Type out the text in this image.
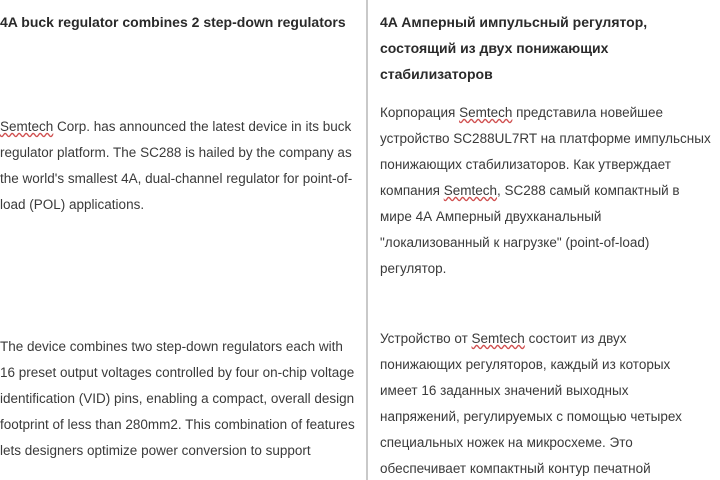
4A buck regulator combines 2 step-down regulators
Semtech Corp. has announced the latest device in its buck regulator platform. The SC288 is hailed by the company as the world's smallest 4A, dual-channel regulator for point-of-load (POL) applications.
The device combines two step-down regulators each with 16 preset output voltages controlled by four on-chip voltage identification (VID) pins, enabling a compact, overall design footprint of less than 280mm2. This combination of features lets designers optimize power conversion to support
4A Амперный импульсный регулятор, состоящий из двух понижающих стабилизаторов
Корпорация Semtech представила новейшее устройство SC288UL7RT на платформе импульсных понижающих стабилизаторов. Как утверждает компания Semtech, SC288 самый компактный в мире 4А Амперный двухканальный "локализованный к нагрузке" (point-of-load) регулятор.
Устройство от Semtech состоит из двух понижающих регуляторов, каждый из которых имеет 16 заданных значений выходных напряжений, регулируемых с помощью четырех специальных ножек на микросхеме. Это обеспечивает компактный контур печатной
